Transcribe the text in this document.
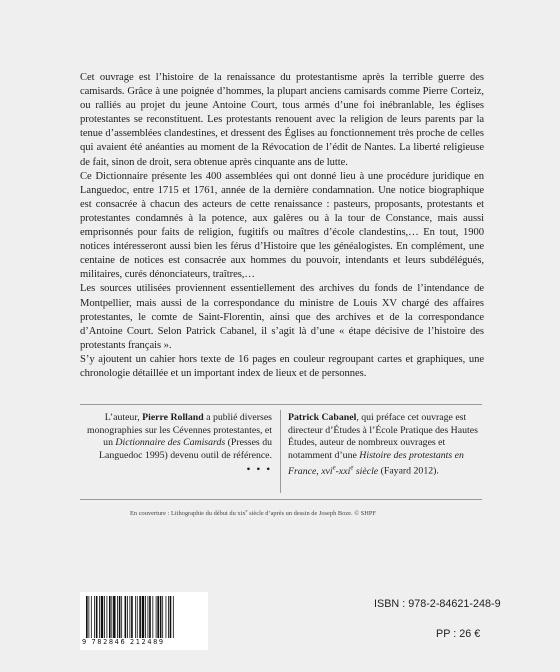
Cet ouvrage est l’histoire de la renaissance du protestantisme après la terrible guerre des camisards. Grâce à une poignée d’hommes, la plupart anciens camisards comme Pierre Corteiz, ou ralliés au projet du jeune Antoine Court, tous armés d’une foi inébranlable, les églises protestantes se reconstituent. Les protestants renouent avec la religion de leurs parents par la tenue d’assemblées clandestines, et dressent des Églises au fonctionnement très proche de celles qui avaient été anéanties au moment de la Révocation de l’édit de Nantes. La liberté religieuse de fait, sinon de droit, sera obtenue après cinquante ans de lutte.

Ce Dictionnaire présente les 400 assemblées qui ont donné lieu à une procédure juridique en Languedoc, entre 1715 et 1761, année de la dernière condamnation. Une notice biographique est consacrée à chacun des acteurs de cette renaissance : pasteurs, proposants, protestants et protestantes condamnés à la potence, aux galères ou à la tour de Constance, mais aussi emprisonnés pour faits de religion, fugitifs ou maîtres d’école clandestins,… En tout, 1900 notices intéresseront aussi bien les férus d’Histoire que les généalogistes. En complément, une centaine de notices est consacrée aux hommes du pouvoir, intendants et leurs subdélégués, militaires, curés dénonciateurs, traîtres,…

Les sources utilisées proviennent essentiellement des archives du fonds de l’intendance de Montpellier, mais aussi de la correspondance du ministre de Louis XV chargé des affaires protestantes, le comte de Saint-Florentin, ainsi que des archives et de la correspondance d’Antoine Court. Selon Patrick Cabanel, il s’agit là d’une « étape décisive de l’histoire des protestants français ».

S’y ajoutent un cahier hors texte de 16 pages en couleur regroupant cartes et graphiques, une chronologie détaillée et un important index de lieux et de personnes.

L’auteur, Pierre Rolland a publié diverses monographies sur les Cévennes protestantes, et un Dictionnaire des Camisards (Presses du Languedoc 1995) devenu outil de référence.
• • •
Patrick Cabanel, qui préface cet ouvrage est directeur d’Études à l’École Pratique des Hautes Études, auteur de nombreux ouvrages et notamment d’une Histoire des protestants en France, xvi$^e$-xxi$^e$ siècle (Fayard 2012).
En couverture : Lithographie du début du xix$^e$ siècle d’après un dessin de Joseph Boze. © SHPF
9 782846 212489
ISBN : 978-2-84621-248-9
PP : 26 €
